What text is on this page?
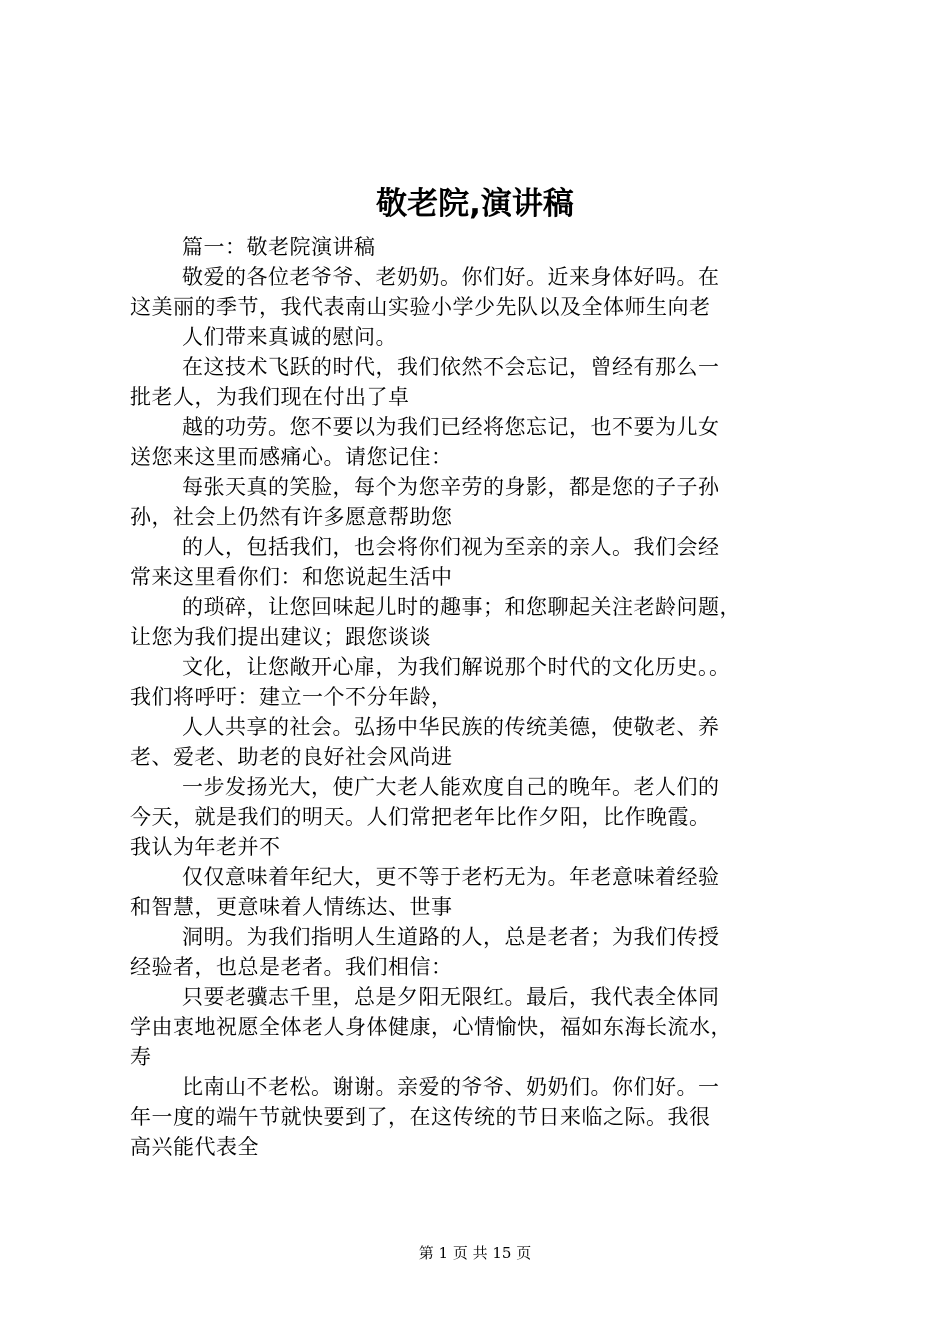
敬老院,演讲稿
篇一：敬老院演讲稿
敬爱的各位老爷爷、老奶奶。你们好。近来身体好吗。在
这美丽的季节，我代表南山实验小学少先队以及全体师生向老
人们带来真诚的慰问。
在这技术飞跃的时代，我们依然不会忘记，曾经有那么一
批老人，为我们现在付出了卓
越的功劳。您不要以为我们已经将您忘记，也不要为儿女
送您来这里而感痛心。请您记住：
每张天真的笑脸，每个为您辛劳的身影，都是您的子子孙
孙，社会上仍然有许多愿意帮助您
的人，包括我们，也会将你们视为至亲的亲人。我们会经
常来这里看你们：和您说起生活中
的琐碎，让您回味起儿时的趣事；和您聊起关注老龄问题，
让您为我们提出建议；跟您谈谈
文化，让您敞开心扉，为我们解说那个时代的文化历史。。
我们将呼吁：建立一个不分年龄，
人人共享的社会。弘扬中华民族的传统美德，使敬老、养
老、爱老、助老的良好社会风尚进
一步发扬光大，使广大老人能欢度自己的晚年。老人们的
今天，就是我们的明天。人们常把老年比作夕阳，比作晚霞。
我认为年老并不
仅仅意味着年纪大，更不等于老朽无为。年老意味着经验
和智慧，更意味着人情练达、世事
洞明。为我们指明人生道路的人，总是老者；为我们传授
经验者，也总是老者。我们相信：
只要老骥志千里，总是夕阳无限红。最后，我代表全体同
学由衷地祝愿全体老人身体健康，心情愉快，福如东海长流水，
寿
比南山不老松。谢谢。亲爱的爷爷、奶奶们。你们好。一
年一度的端午节就快要到了，在这传统的节日来临之际。我很
高兴能代表全
第 1 页 共 15 页
